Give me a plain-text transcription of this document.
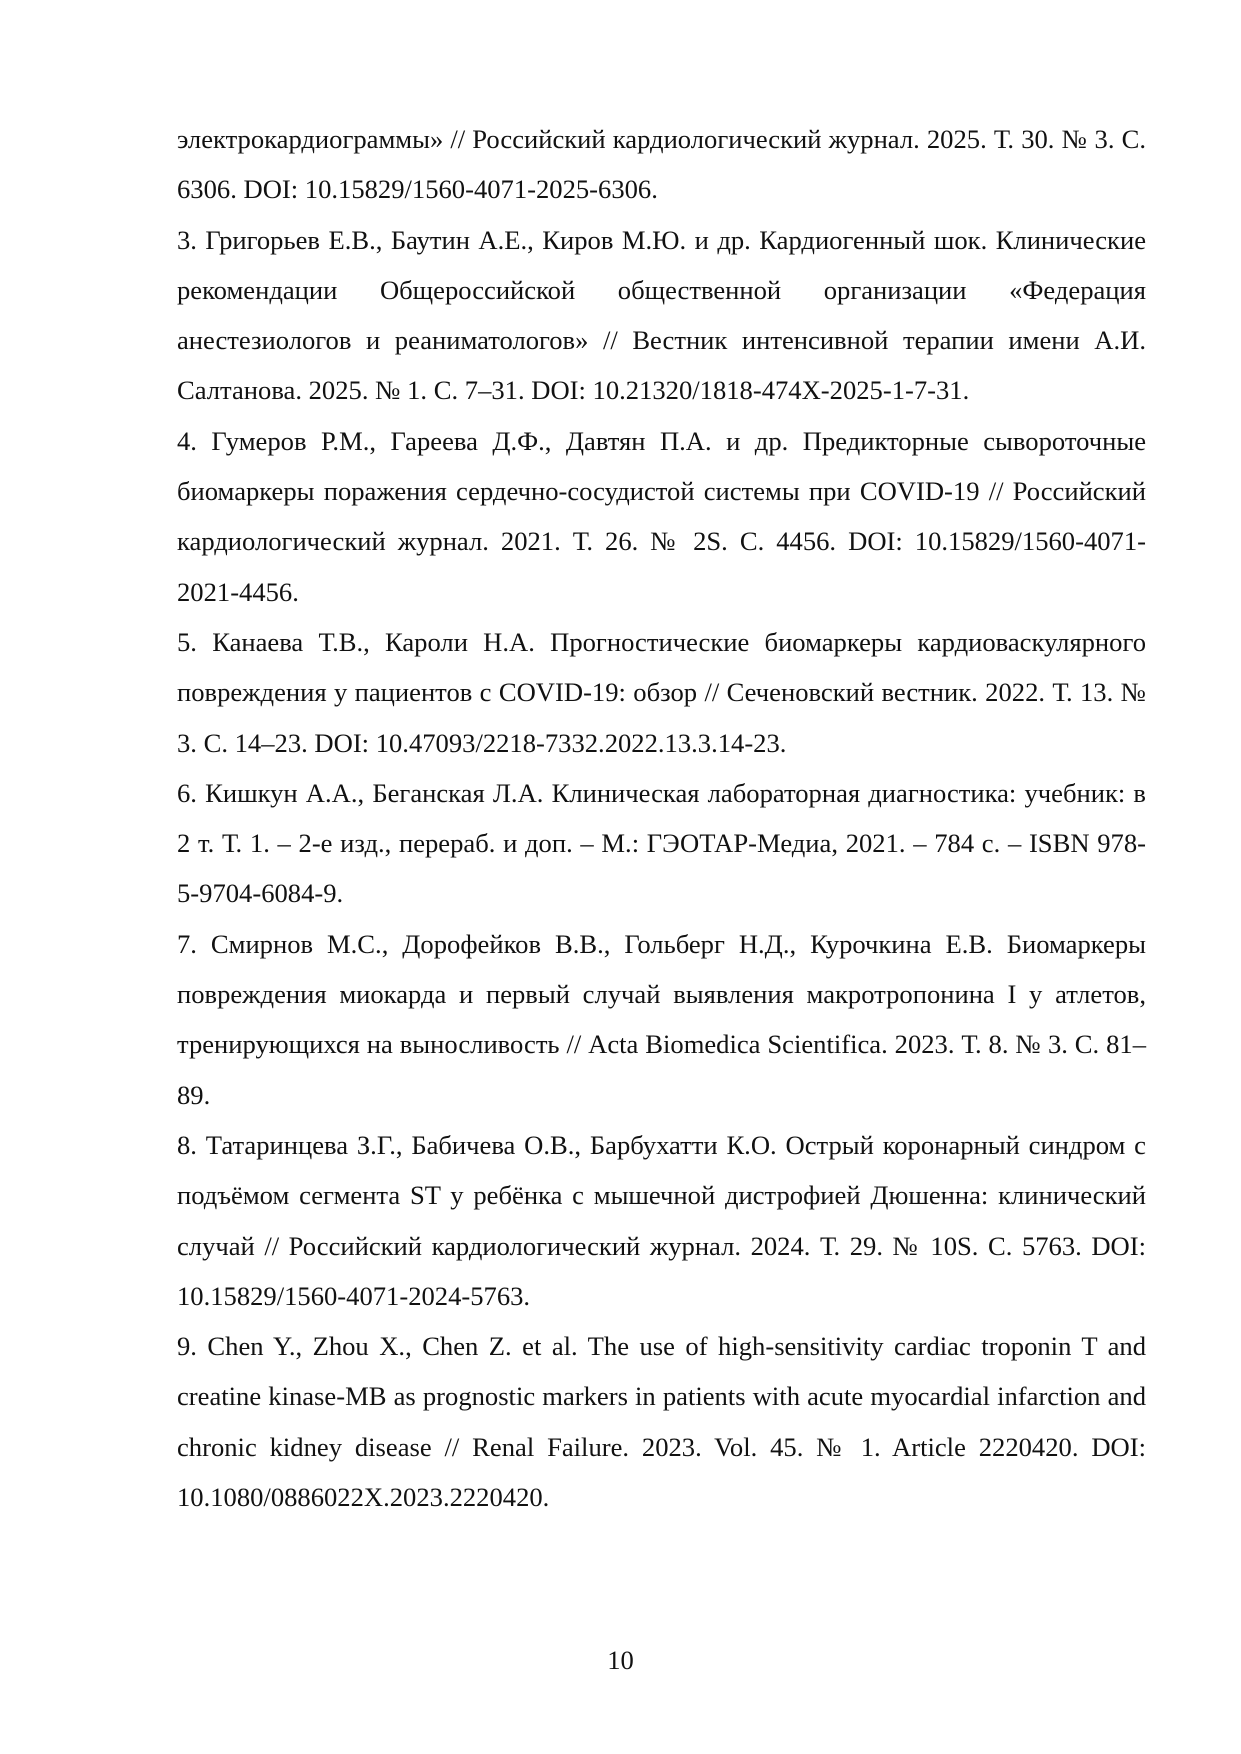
электрокардиограммы» // Российский кардиологический журнал. 2025. Т. 30. № 3. С. 6306. DOI: 10.15829/1560-4071-2025-6306.

3. Григорьев Е.В., Баутин А.Е., Киров М.Ю. и др. Кардиогенный шок. Клинические рекомендации Общероссийской общественной организации «Федерация анестезиологов и реаниматологов» // Вестник интенсивной терапии имени А.И. Салтанова. 2025. № 1. С. 7–31. DOI: 10.21320/1818-474X-2025-1-7-31.

4. Гумеров Р.М., Гареева Д.Ф., Давтян П.А. и др. Предикторные сывороточные биомаркеры поражения сердечно-сосудистой системы при COVID-19 // Российский кардиологический журнал. 2021. Т. 26. № 2S. С. 4456. DOI: 10.15829/1560-4071-2021-4456.

5. Канаева Т.В., Кароли Н.А. Прогностические биомаркеры кардиоваскулярного повреждения у пациентов с COVID-19: обзор // Сеченовский вестник. 2022. Т. 13. № 3. С. 14–23. DOI: 10.47093/2218-7332.2022.13.3.14-23.

6. Кишкун А.А., Беганская Л.А. Клиническая лабораторная диагностика: учебник: в 2 т. Т. 1. – 2-е изд., перераб. и доп. – М.: ГЭОТАР-Медиа, 2021. – 784 с. – ISBN 978-5-9704-6084-9.

7. Смирнов М.С., Дорофейков В.В., Гольберг Н.Д., Курочкина Е.В. Биомаркеры повреждения миокарда и первый случай выявления макротропонина I у атлетов, тренирующихся на выносливость // Acta Biomedica Scientifica. 2023. Т. 8. № 3. С. 81–89.

8. Татаринцева З.Г., Бабичева О.В., Барбухатти К.О. Острый коронарный синдром с подъёмом сегмента ST у ребёнка с мышечной дистрофией Дюшенна: клинический случай // Российский кардиологический журнал. 2024. Т. 29. № 10S. С. 5763. DOI: 10.15829/1560-4071-2024-5763.

9. Chen Y., Zhou X., Chen Z. et al. The use of high-sensitivity cardiac troponin T and creatine kinase-MB as prognostic markers in patients with acute myocardial infarction and chronic kidney disease // Renal Failure. 2023. Vol. 45. № 1. Article 2220420. DOI: 10.1080/0886022X.2023.2220420.

10
